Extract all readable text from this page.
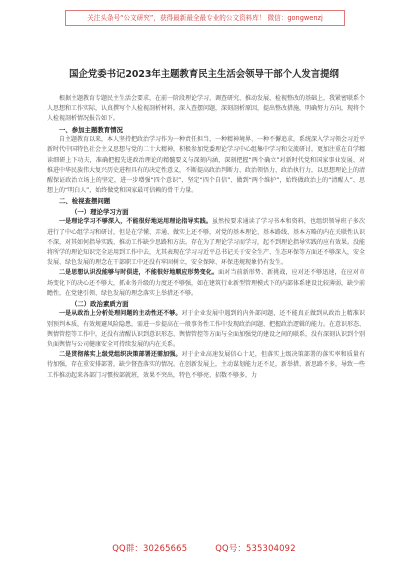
关注头条号“公文研究”，获得最新最全最专业的公文资料库！ 微信：gongwenzj
国企党委书记2023年主题教育民主生活会领导干部个人发言提纲

根据主题教育专题民主生活会要求，在前一阶段理论学习、调查研究、推动发展、检视整改的基础上，我紧密联系个人思想和工作实际，认真撰写个人检视剖析材料，深入查摆问题，深刻剖析原因，提出整改措施，明确努力方向，现将个人检视剖析情况报告如下。

一、参加主题教育情况

自主题教育以来，本人坚持把政治学习作为一种责任担当、一种精神境界、一种不懈追求，系统深入学习领会习近平新时代中国特色社会主义思想与党的二十大精神，积极参加党委理论学习中心组集中学习和交流研讨，更加注重在自学精读细研上下功夫，准确把握先进政治理论的精髓要义与深刻内涵，深刻把握“两个确立”对新时代党和国家事业发展、对推进中华民族伟大复兴历史进程具有的决定性意义，不断提高政治判断力、政治领悟力、政治执行力，以思想理论上的清醒保证政治立场上的坚定，进一步增强“四个意识”、坚定“四个自信”、做到“两个维护”，始终做政治上的“清醒人”、思想上的“明白人”，始终做党和国家最可信赖的骨干力量。

二、检视查摆问题

（一）理论学习方面

一是理论学习不够深入，不能很好地运用理论指导实践。虽然按要求通读了学习书本和资料，也组织领导班子多次进行了中心组学习和研讨，但是在学懂、弄通、做实上还不够，对党的基本理论、基本路线、基本方略的内在关联性认识不深，对其如何指导实践、推动工作缺少思路和方法。存在为了理论学习而学习，起不到理论指导实践的应有效果。没能将所学的理论知识完全运用到工作中去，尤其表现在学习习近平总书记关于安全生产、生态环保等方面还不够深入，安全发展、绿色发展的理念在干部职工中还没有牢固树立，安全保障、环保违规现象仍有发生。

二是思想认识没能够与时俱进，不能很好地顺应形势变化。面对当前新形势、新挑战，应对还不够迅速，在应对市场变化下的决心还不够大，抓业务升级的力度还不够强，如在建筑行业新型管理模式下的内部体系建设比较薄弱，缺少前瞻性，在党建引领、绿色发展的理念落实上举措还不够。

（二）政治素质方面

一是从政治上分析处理问题的主动性还不够。对于企业发展中遇到的内外部问题，还不能真正做到从政治上精准识别预判本质，有效规避风险隐患，需进一步提高在一般事务性工作中发现政治问题、把握政治逻辑的能力。在意识形态、舆情管控等工作中，还没有清醒认识到意识形态、舆情管控等方面与全面加强党的建设之间的联系，没有深刻认识到个别负面舆情与公司健康安全可持续发展的内在关系。

二是贯彻落实上级党组织决策部署还需加强。对于企业高速发展信心十足，但落实上级决策部署的落实率和质量有待加强，存在重安排部署，缺少督查落实的情况。在创新发展上，主动谋划能力还不足，新举措、新思路不多，导致一些工作推动起来各部门习惯按部就班，效果不突出，特色不够亮、招数不够多，力

QQ群：30265665	QQ号：535304092
